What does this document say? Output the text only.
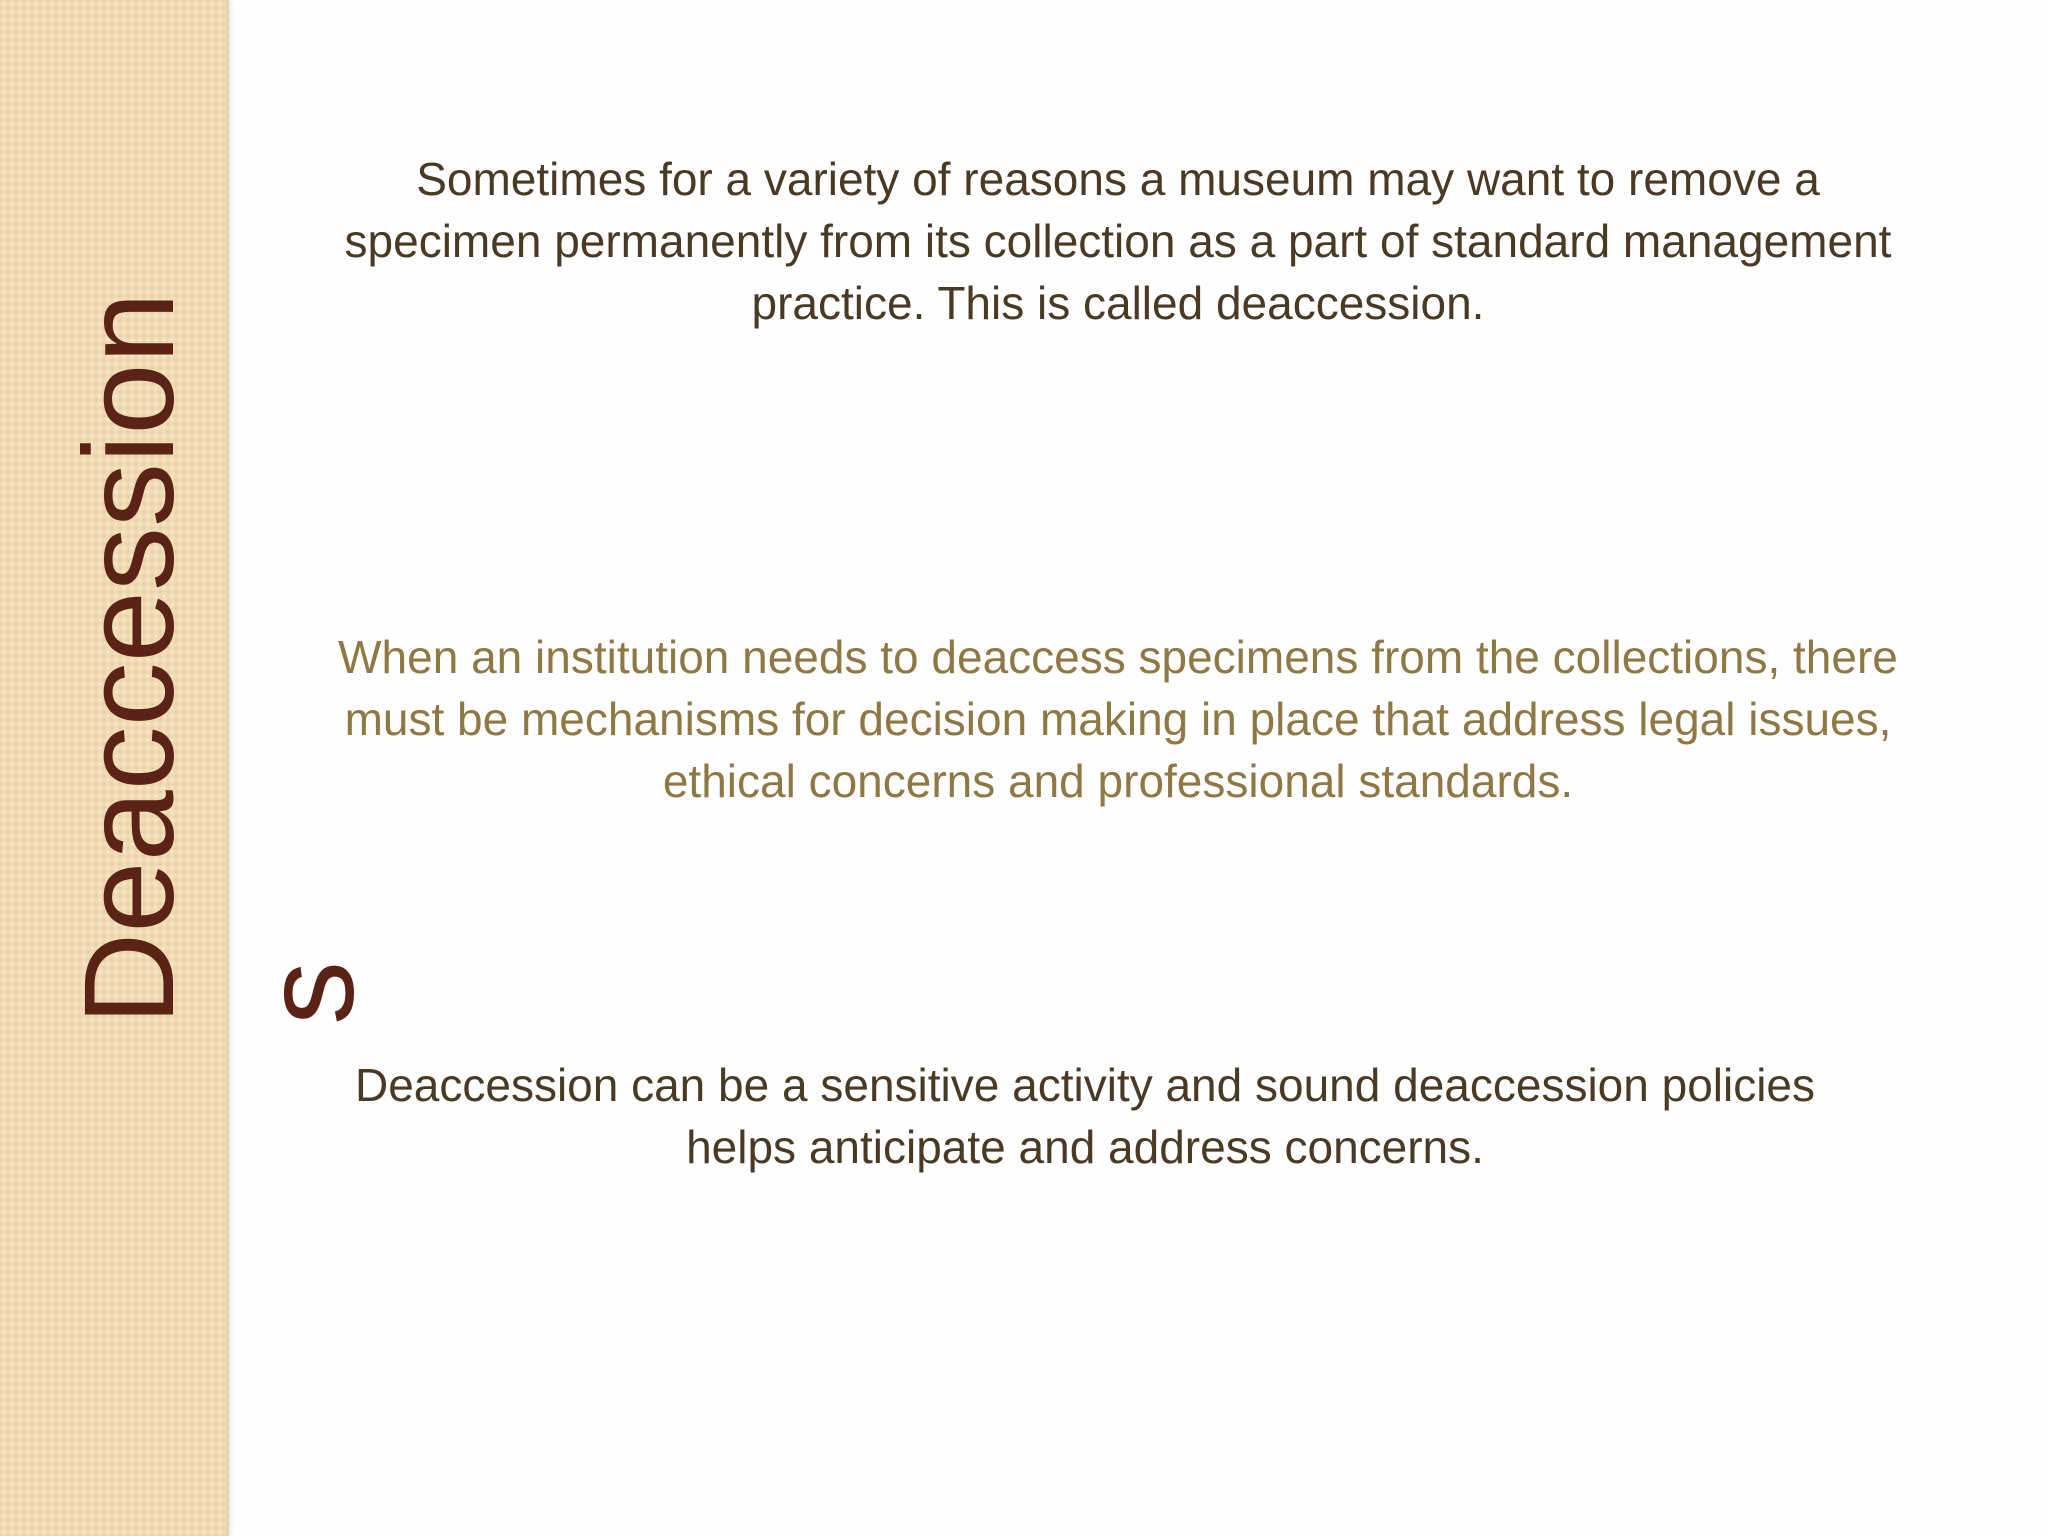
Deaccessions

Sometimes for a variety of reasons a museum may want to remove a specimen permanently from its collection as a part of standard management practice. This is called deaccession.

When an institution needs to deaccess specimens from the collections, there must be mechanisms for decision making in place that address legal issues, ethical concerns and professional standards.

Deaccession can be a sensitive activity and sound deaccession policies helps anticipate and address concerns.
